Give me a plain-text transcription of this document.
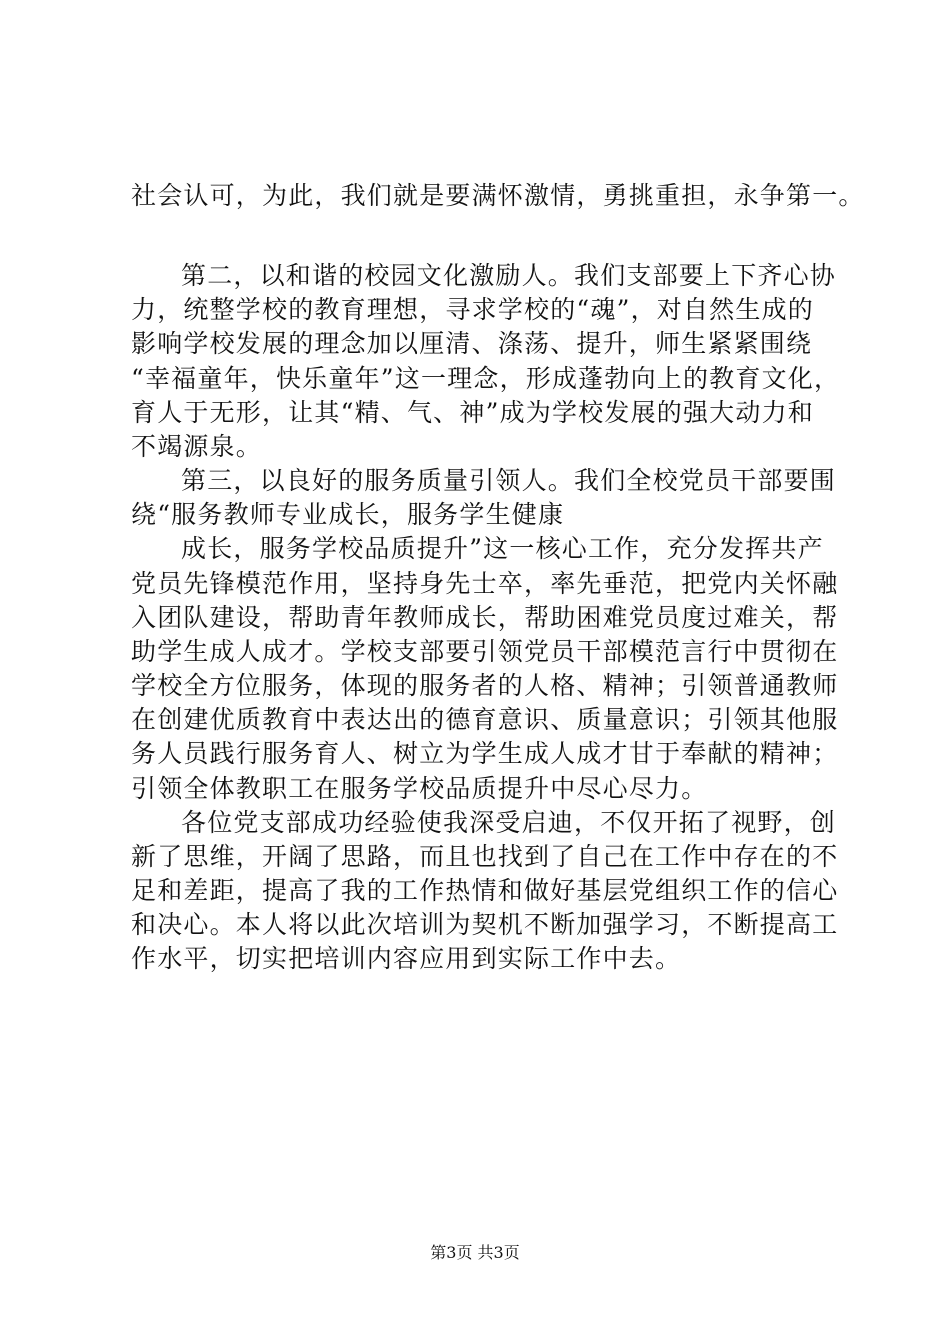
社会认可，为此，我们就是要满怀激情，勇挑重担，永争第一。
第二，以和谐的校园文化激励人。我们支部要上下齐心协
力，统整学校的教育理想，寻求学校的“魂”，对自然生成的
影响学校发展的理念加以厘清、涤荡、提升，师生紧紧围绕
“幸福童年，快乐童年”这一理念，形成蓬勃向上的教育文化，
育人于无形，让其“精、气、神”成为学校发展的强大动力和
不竭源泉。
第三，以良好的服务质量引领人。我们全校党员干部要围
绕“服务教师专业成长，服务学生健康
成长，服务学校品质提升”这一核心工作，充分发挥共产
党员先锋模范作用，坚持身先士卒，率先垂范，把党内关怀融
入团队建设，帮助青年教师成长，帮助困难党员度过难关，帮
助学生成人成才。学校支部要引领党员干部模范言行中贯彻在
学校全方位服务，体现的服务者的人格、精神；引领普通教师
在创建优质教育中表达出的德育意识、质量意识；引领其他服
务人员践行服务育人、树立为学生成人成才甘于奉献的精神；
引领全体教职工在服务学校品质提升中尽心尽力。
各位党支部成功经验使我深受启迪，不仅开拓了视野，创
新了思维，开阔了思路，而且也找到了自己在工作中存在的不
足和差距，提高了我的工作热情和做好基层党组织工作的信心
和决心。本人将以此次培训为契机不断加强学习，不断提高工
作水平，切实把培训内容应用到实际工作中去。
第3页 共3页
